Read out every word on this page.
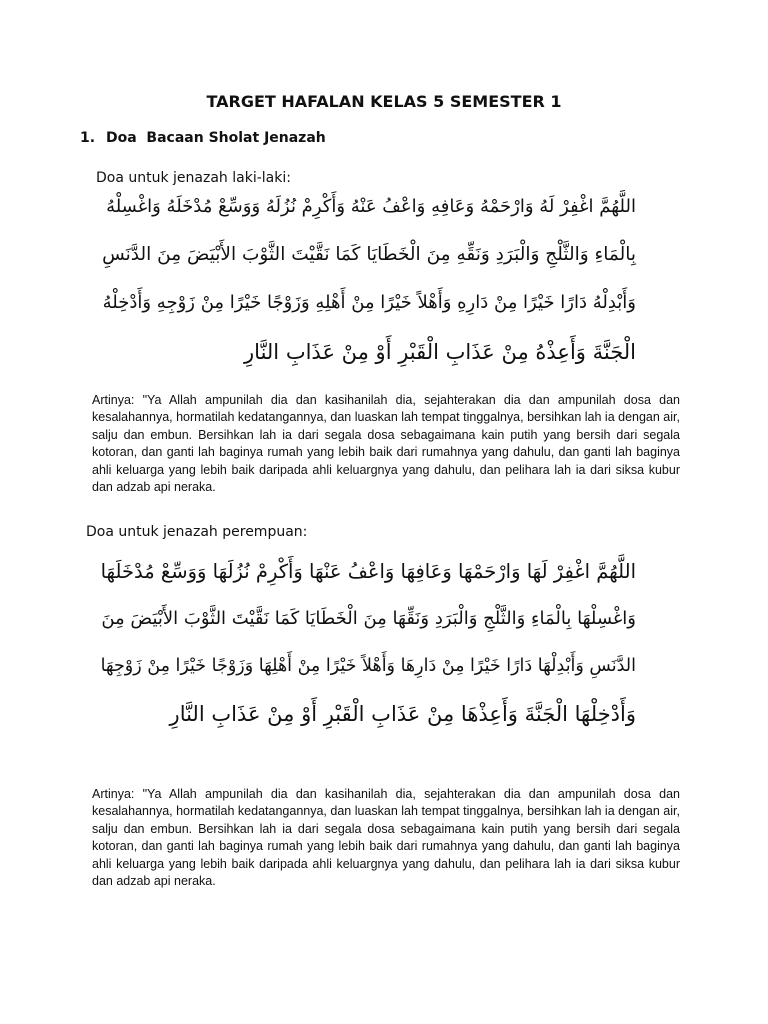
TARGET HAFALAN KELAS 5 SEMESTER 1
1. Doa  Bacaan Sholat Jenazah
Doa untuk jenazah laki-laki:
اللَّهُمَّ اغْفِرْ لَهُ وَارْحَمْهُ وَعَافِهِ وَاعْفُ عَنْهُ وَأَكْرِمْ نُزُلَهُ وَوَسِّعْ مُدْخَلَهُ وَاغْسِلْهُ
بِالْمَاءِ وَالثَّلْجِ وَالْبَرَدِ وَنَقِّهِ مِنَ الْخَطَايَا كَمَا نَقَّيْتَ الثَّوْبَ الأَبْيَضَ مِنَ الدَّنَسِ
وَأَبْدِلْهُ دَارًا خَيْرًا مِنْ دَارِهِ وَأَهْلاً خَيْرًا مِنْ أَهْلِهِ وَزَوْجًا خَيْرًا مِنْ زَوْجِهِ وَأَدْخِلْهُ
الْجَنَّةَ وَأَعِذْهُ مِنْ عَذَابِ الْقَبْرِ أَوْ مِنْ عَذَابِ النَّارِ
Artinya: "Ya Allah ampunilah dia dan kasihanilah dia, sejahterakan dia dan ampunilah dosa dan kesalahannya, hormatilah kedatangannya, dan luaskan lah tempat tinggalnya, bersihkan lah ia dengan air, salju dan embun. Bersihkan lah ia dari segala dosa sebagaimana kain putih yang bersih dari segala kotoran, dan ganti lah baginya rumah yang lebih baik dari rumahnya yang dahulu, dan ganti lah baginya ahli keluarga yang lebih baik daripada ahli keluargnya yang dahulu, dan pelihara lah ia dari siksa kubur dan adzab api neraka.
Doa untuk jenazah perempuan:
اللَّهُمَّ اغْفِرْ لَهَا وَارْحَمْهَا وَعَافِهَا وَاعْفُ عَنْهَا وَأَكْرِمْ نُزُلَهَا وَوَسِّعْ مُدْخَلَهَا
وَاغْسِلْهَا بِالْمَاءِ وَالثَّلْجِ وَالْبَرَدِ وَنَقِّهَا مِنَ الْخَطَايَا كَمَا نَقَّيْتَ الثَّوْبَ الأَبْيَضَ مِنَ
الدَّنَسِ وَأَبْدِلْهَا دَارًا خَيْرًا مِنْ دَارِهَا وَأَهْلاً خَيْرًا مِنْ أَهْلِهَا وَزَوْجًا خَيْرًا مِنْ زَوْجِهَا
وَأَدْخِلْهَا الْجَنَّةَ وَأَعِذْهَا مِنْ عَذَابِ الْقَبْرِ أَوْ مِنْ عَذَابِ النَّارِ
Artinya: "Ya Allah ampunilah dia dan kasihanilah dia, sejahterakan dia dan ampunilah dosa dan kesalahannya, hormatilah kedatangannya, dan luaskan lah tempat tinggalnya, bersihkan lah ia dengan air, salju dan embun. Bersihkan lah ia dari segala dosa sebagaimana kain putih yang bersih dari segala kotoran, dan ganti lah baginya rumah yang lebih baik dari rumahnya yang dahulu, dan ganti lah baginya ahli keluarga yang lebih baik daripada ahli keluargnya yang dahulu, dan pelihara lah ia dari siksa kubur dan adzab api neraka.
